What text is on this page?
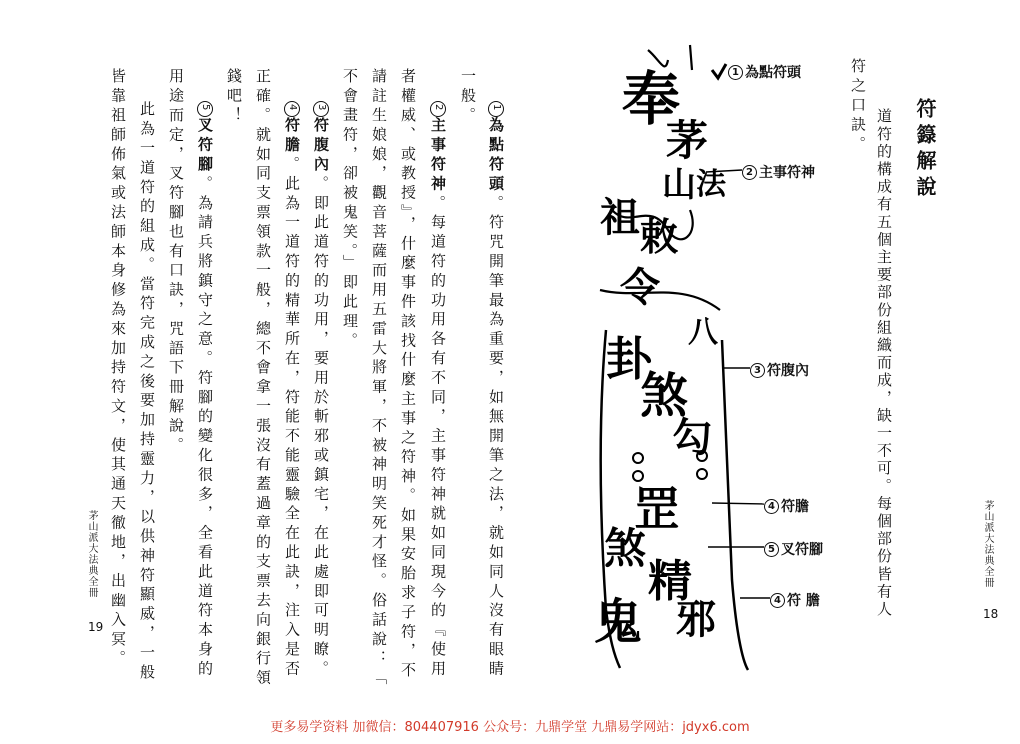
符籙解說
道符的構成有五個主要部份組織而成，缺一不可。每個部份皆有人
符之口訣。
茅山派大法典全冊
18
奉
茅
山 法
祖 敕
令
八
卦
煞
勾
罡
煞
精
邪
鬼
1 為點符頭
2 主事符神
3 符腹內
4 符膽
5 叉符腳
4 符 膽
1為點符頭。符咒開筆最為重要，如無開筆之法，就如同人沒有眼睛
一般。
2主事符神。每道符的功用各有不同，主事符神就如同現今的『使用
者權威、或教授』，什麼事件該找什麼主事之符神。如果安胎求子符，不
請註生娘娘，觀音菩薩而用五雷大將軍，不被神明笑死才怪。俗話說：「
不會畫符，卻被鬼笑。」即此理。
3符腹內。即此道符的功用，要用於斬邪或鎮宅，在此處即可明瞭。
4符膽。此為一道符的精華所在，符能不能靈驗全在此訣，注入是否
正確。就如同支票領款一般，總不會拿一張沒有蓋過章的支票去向銀行領
錢吧！
5叉符腳。為請兵將鎮守之意。符腳的變化很多，全看此道符本身的
用途而定，叉符腳也有口訣，咒語下冊解說。
此為一道符的組成。當符完成之後要加持靈力，以供神符顯威，一般
皆靠祖師佈氣或法師本身修為來加持符文，使其通天徹地，出幽入冥。
茅山派大法典全冊
19
更多易学资料 加微信：804407916 公众号：九鼎学堂 九鼎易学网站：jdyx6.com
